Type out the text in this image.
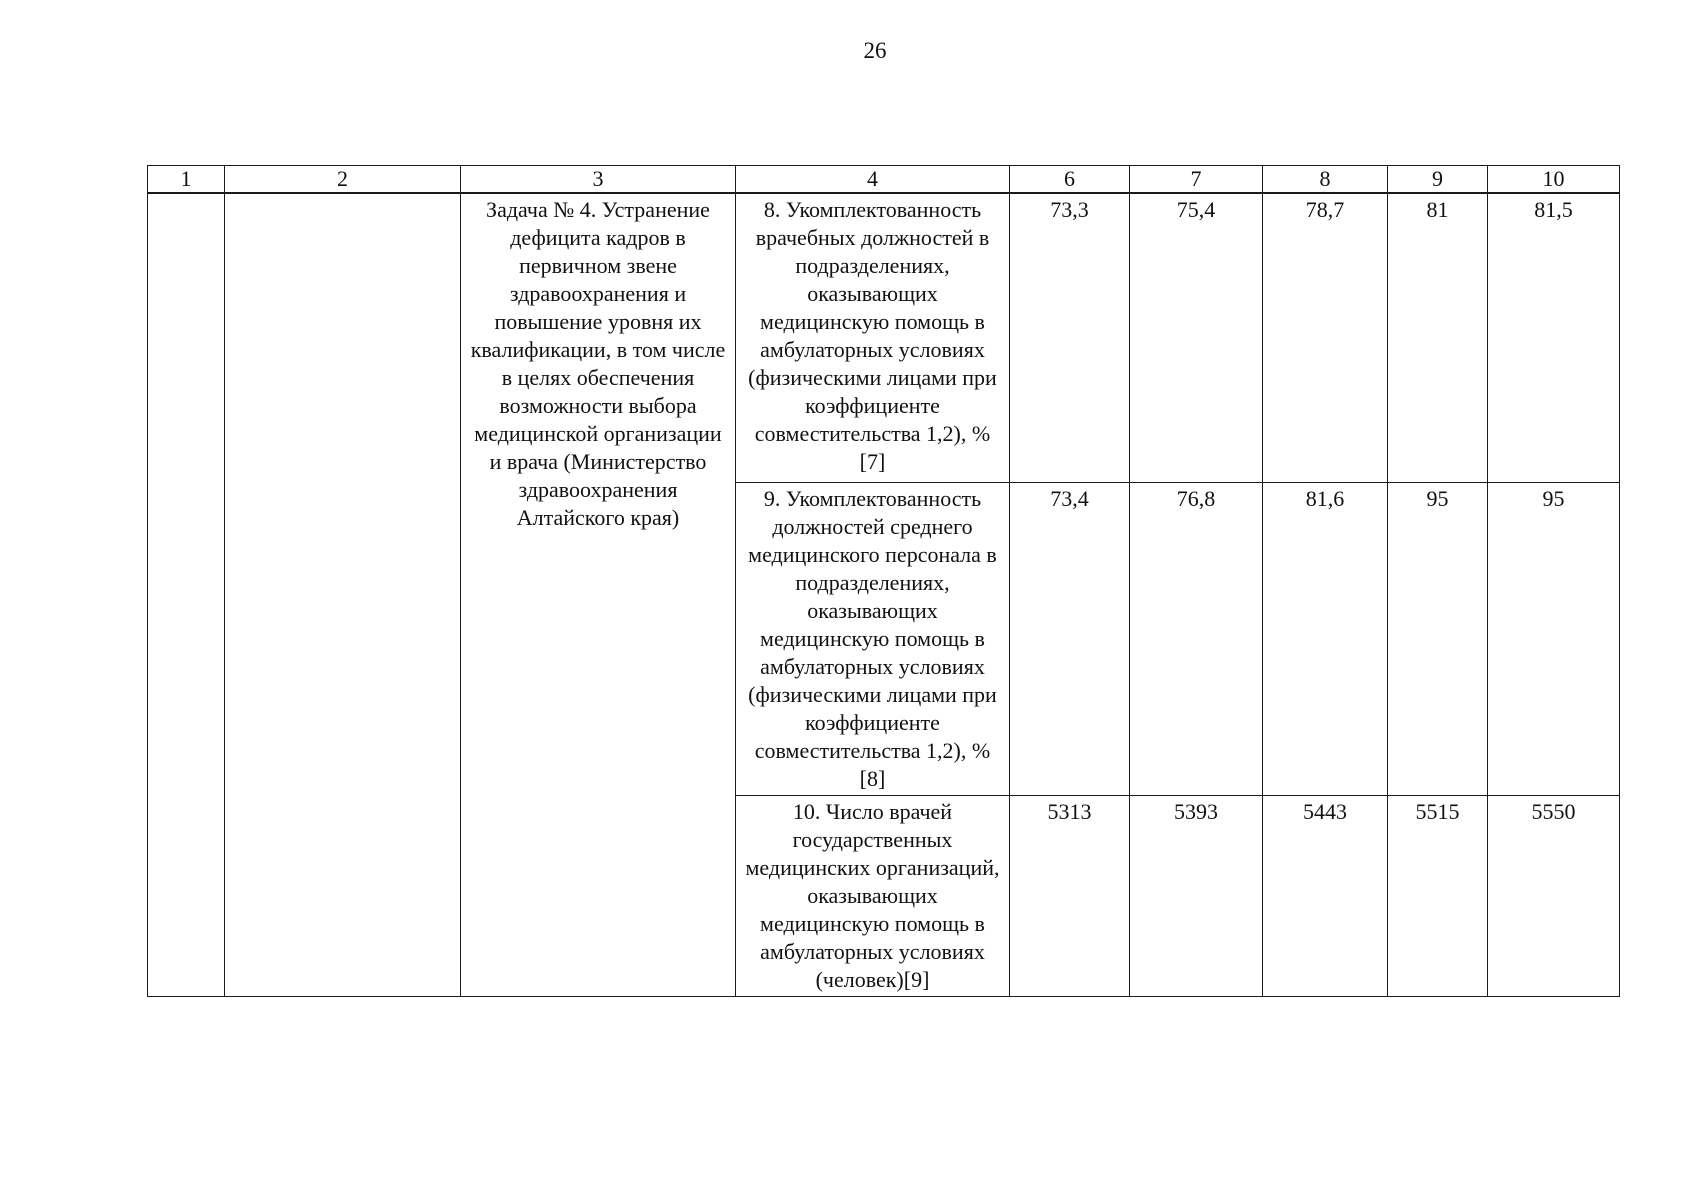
26
1	2	3	4	6	7	8	9	10

		Задача № 4. Устранение дефицита кадров в первичном звене здравоохранения и повышение уровня их квалификации, в том числе в целях обеспечения возможности выбора медицинской организации и врача (Министерство здравоохранения Алтайского края)	8. Укомплектованность врачебных должностей в подразделениях, оказывающих медицинскую помощь в амбулаторных условиях (физическими лицами при коэффициенте совместительства 1,2), % [7]	73,3	75,4	78,7	81	81,5

			9. Укомплектованность должностей среднего медицинского персонала в подразделениях, оказывающих медицинскую помощь в амбулаторных условиях (физическими лицами при коэффициенте совместительства 1,2), % [8]	73,4	76,8	81,6	95	95

			10. Число врачей государственных медицинских организаций, оказывающих медицинскую помощь в амбулаторных условиях (человек)[9]	5313	5393	5443	5515	5550
